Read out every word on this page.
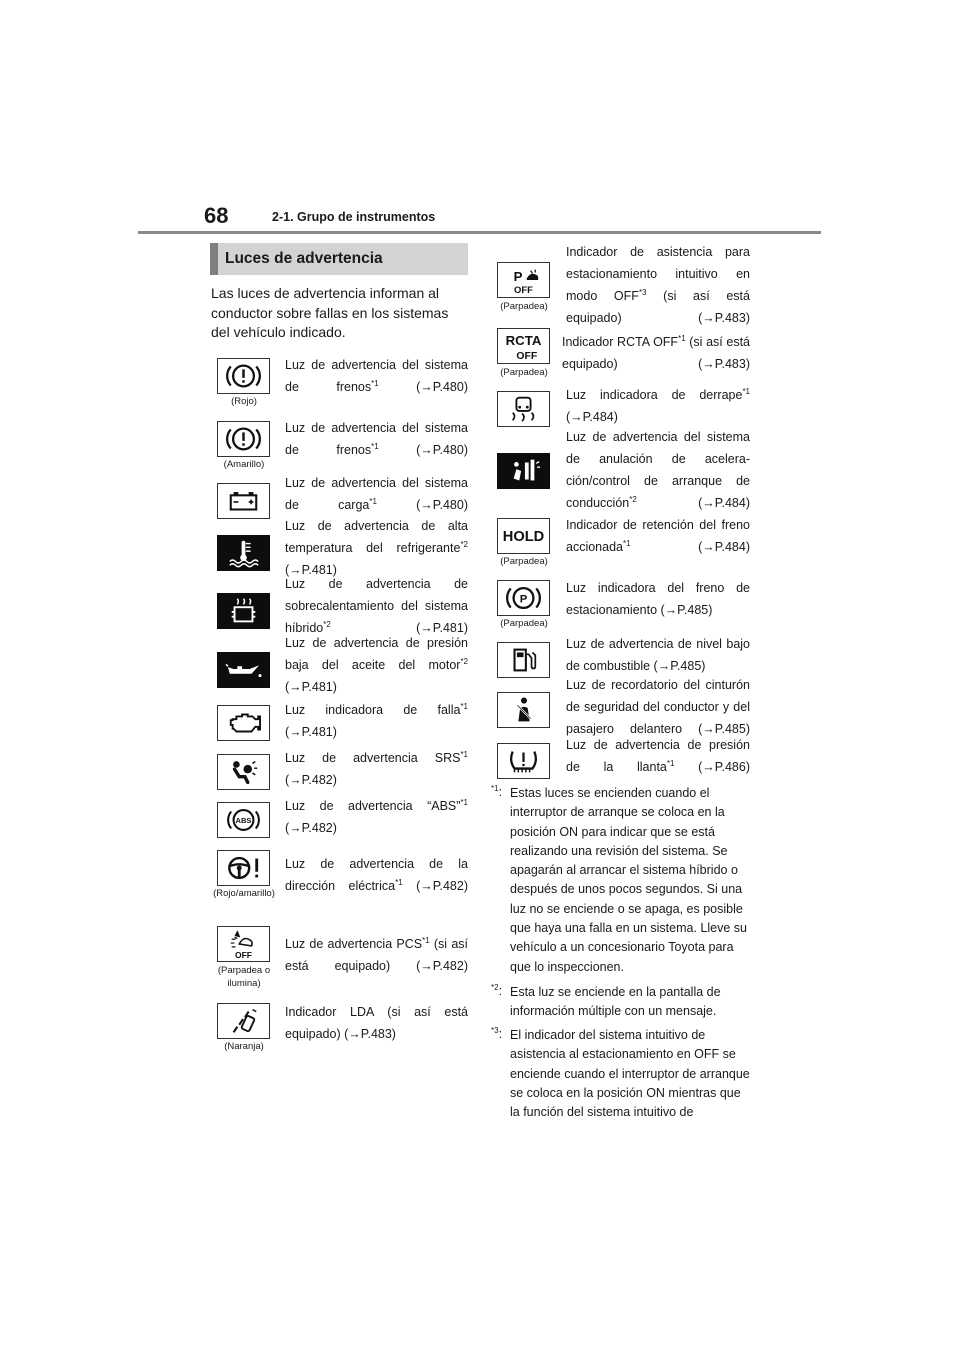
68	2-1. Grupo de instrumentos
Luces de advertencia
Las luces de advertencia informan al conductor sobre fallas en los sistemas del vehículo indicado.
(Rojo)
Luz de advertencia del sistema de frenos$^{*1}$ (→P.480)
(Amarillo)
Luz de advertencia del sistema de frenos$^{*1}$ (→P.480)
Luz de advertencia del sistema de carga$^{*1}$ (→P.480)
Luz de advertencia de alta temperatura del refrigerante$^{*2}$ (→P.481)
Luz de advertencia de sobrecalentamiento del sistema híbrido$^{*2}$ (→P.481)
Luz de advertencia de presión baja del aceite del motor$^{*2}$ (→P.481)
Luz indicadora de falla$^{*1}$ (→P.481)
Luz de advertencia SRS$^{*1}$ (→P.482)
ABS
Luz de advertencia “ABS”$^{*1}$ (→P.482)
(Rojo/amarillo)
Luz de advertencia de la dirección eléctrica$^{*1}$ (→P.482)
OFF
(Parpadea o ilumina)
Luz de advertencia PCS$^{*1}$ (si así está equipado) (→P.482)
(Naranja)
Indicador LDA (si así está equipado) (→P.483)
P
OFF
(Parpadea)
Indicador de asistencia para estacionamiento intuitivo en modo OFF$^{*3}$ (si así está equipado) (→P.483)
RCTA
OFF
(Parpadea)
Indicador RCTA OFF$^{*1}$ (si así está equipado) (→P.483)
Luz indicadora de derrape$^{*1}$ (→P.484)
Luz de advertencia del sistema de anulación de acelera-ción/control de arranque de conducción$^{*2}$ (→P.484)
HOLD
(Parpadea)
Indicador de retención del freno accionada$^{*1}$ (→P.484)
P
(Parpadea)
Luz indicadora del freno de estacionamiento (→P.485)
Luz de advertencia de nivel bajo de combustible (→P.485)
Luz de recordatorio del cinturón de seguridad del conductor y del pasajero delantero (→P.485)
Luz de advertencia de presión de la llanta$^{*1}$ (→P.486)
$^{*1}$: Estas luces se encienden cuando el interruptor de arranque se coloca en la posición ON para indicar que se está realizando una revisión del sistema. Se apagarán al arrancar el sistema híbrido o después de unos pocos segundos. Si una luz no se enciende o se apaga, es posible que haya una falla en un sistema. Lleve su vehículo a un concesionario Toyota para que lo inspeccionen.
$^{*2}$: Esta luz se enciende en la pantalla de información múltiple con un mensaje.
$^{*3}$: El indicador del sistema intuitivo de asistencia al estacionamiento en OFF se enciende cuando el interruptor de arranque se coloca en la posición ON mientras que la función del sistema intuitivo de
